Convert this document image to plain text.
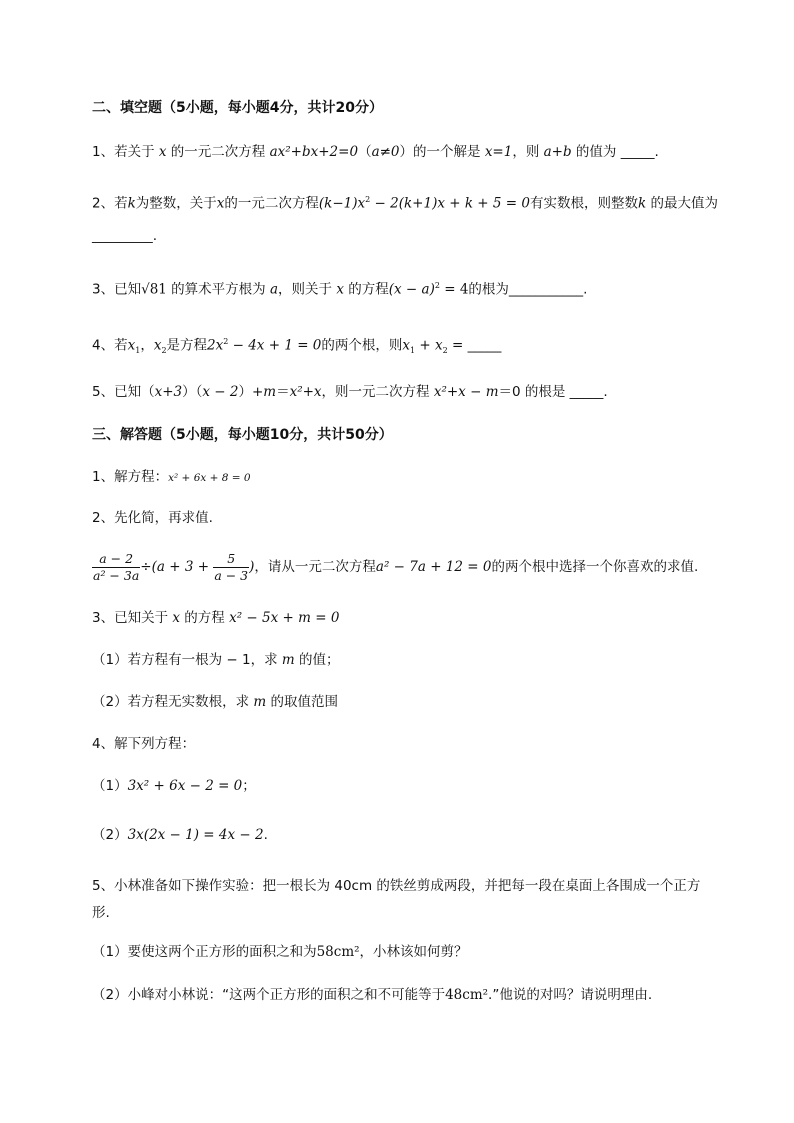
二、填空题（5小题，每小题4分，共计20分）
1、若关于 x 的一元二次方程 ax²+bx+2=0（a≠0）的一个解是 x=1，则 a+b 的值为 _____.
2、若k为整数，关于x的一元二次方程$(k-1)x^2 - 2(k+1)x + k + 5 = 0$有实数根，则整数k 的最大值为
_________.
3、已知√81 的算术平方根为 a，则关于 x 的方程$(x - a)^2 = 4$的根为___________.
4、若$x_1$，$x_2$是方程$2x^2 - 4x + 1 = 0$的两个根，则$x_1 + x_2$ = _____
5、已知（x+3）（x − 2）+m＝x²+x，则一元二次方程 x²+x − m＝0 的根是 _____.
三、解答题（5小题，每小题10分，共计50分）
1、解方程：x² + 6x + 8 = 0
2、先化简，再求值.
$\frac{a - 2}{\text{a² − 3a}} \div(a + 3 + \frac{5}{a - 3}$ )，请从一元二次方程a² − 7a + 12 = 0的两个根中选择一个你喜欢的求值.
3、已知关于 x 的方程 x² − 5x + m = 0
（1）若方程有一根为 − 1，求 m 的值；
（2）若方程无实数根，求 m 的取值范围
4、解下列方程：
（1）3x² + 6x − 2 = 0；
（2）3x(2x − 1) = 4x − 2.
5、小林准备如下操作实验：把一根长为 40cm 的铁丝剪成两段，并把每一段在桌面上各围成一个正方
形.
（1）要使这两个正方形的面积之和为58cm²，小林该如何剪？
（2）小峰对小林说：“这两个正方形的面积之和不可能等于48cm².”他说的对吗？请说明理由.
